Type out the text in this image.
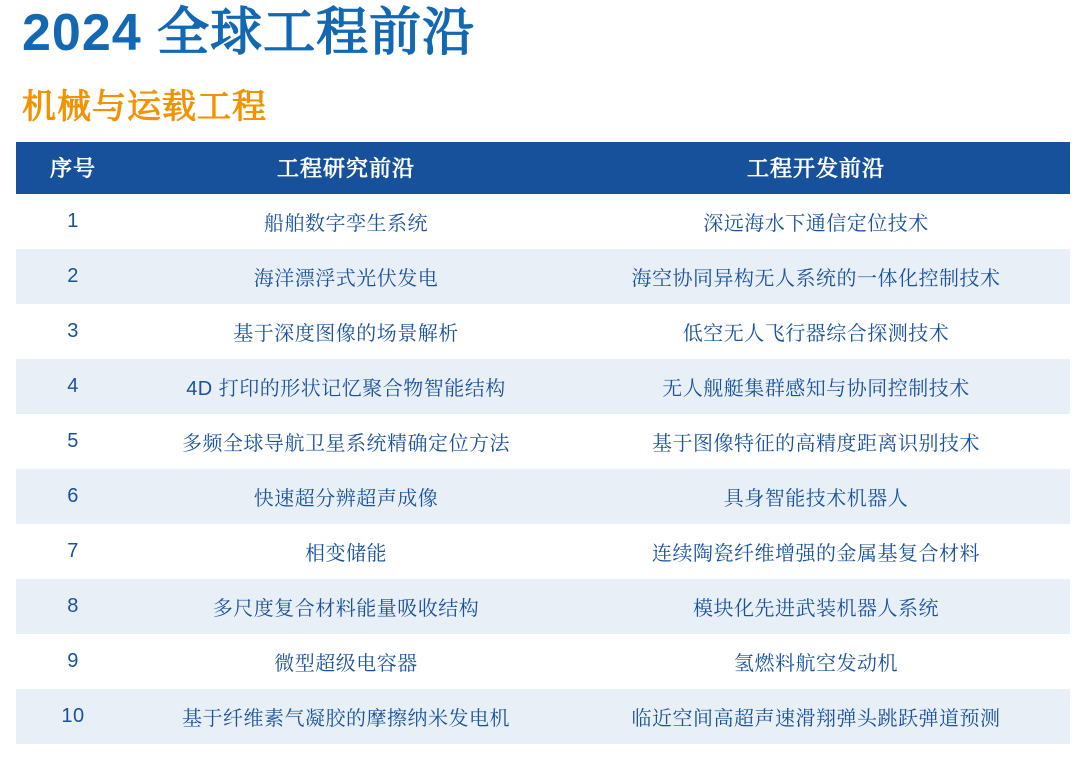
2024 全球工程前沿
机械与运载工程
序号	工程研究前沿	工程开发前沿
1	船舶数字孪生系统	深远海水下通信定位技术
2	海洋漂浮式光伏发电	海空协同异构无人系统的一体化控制技术
3	基于深度图像的场景解析	低空无人飞行器综合探测技术
4	4D 打印的形状记忆聚合物智能结构	无人舰艇集群感知与协同控制技术
5	多频全球导航卫星系统精确定位方法	基于图像特征的高精度距离识别技术
6	快速超分辨超声成像	具身智能技术机器人
7	相变储能	连续陶瓷纤维增强的金属基复合材料
8	多尺度复合材料能量吸收结构	模块化先进武装机器人系统
9	微型超级电容器	氢燃料航空发动机
10	基于纤维素气凝胶的摩擦纳米发电机	临近空间高超声速滑翔弹头跳跃弹道预测
